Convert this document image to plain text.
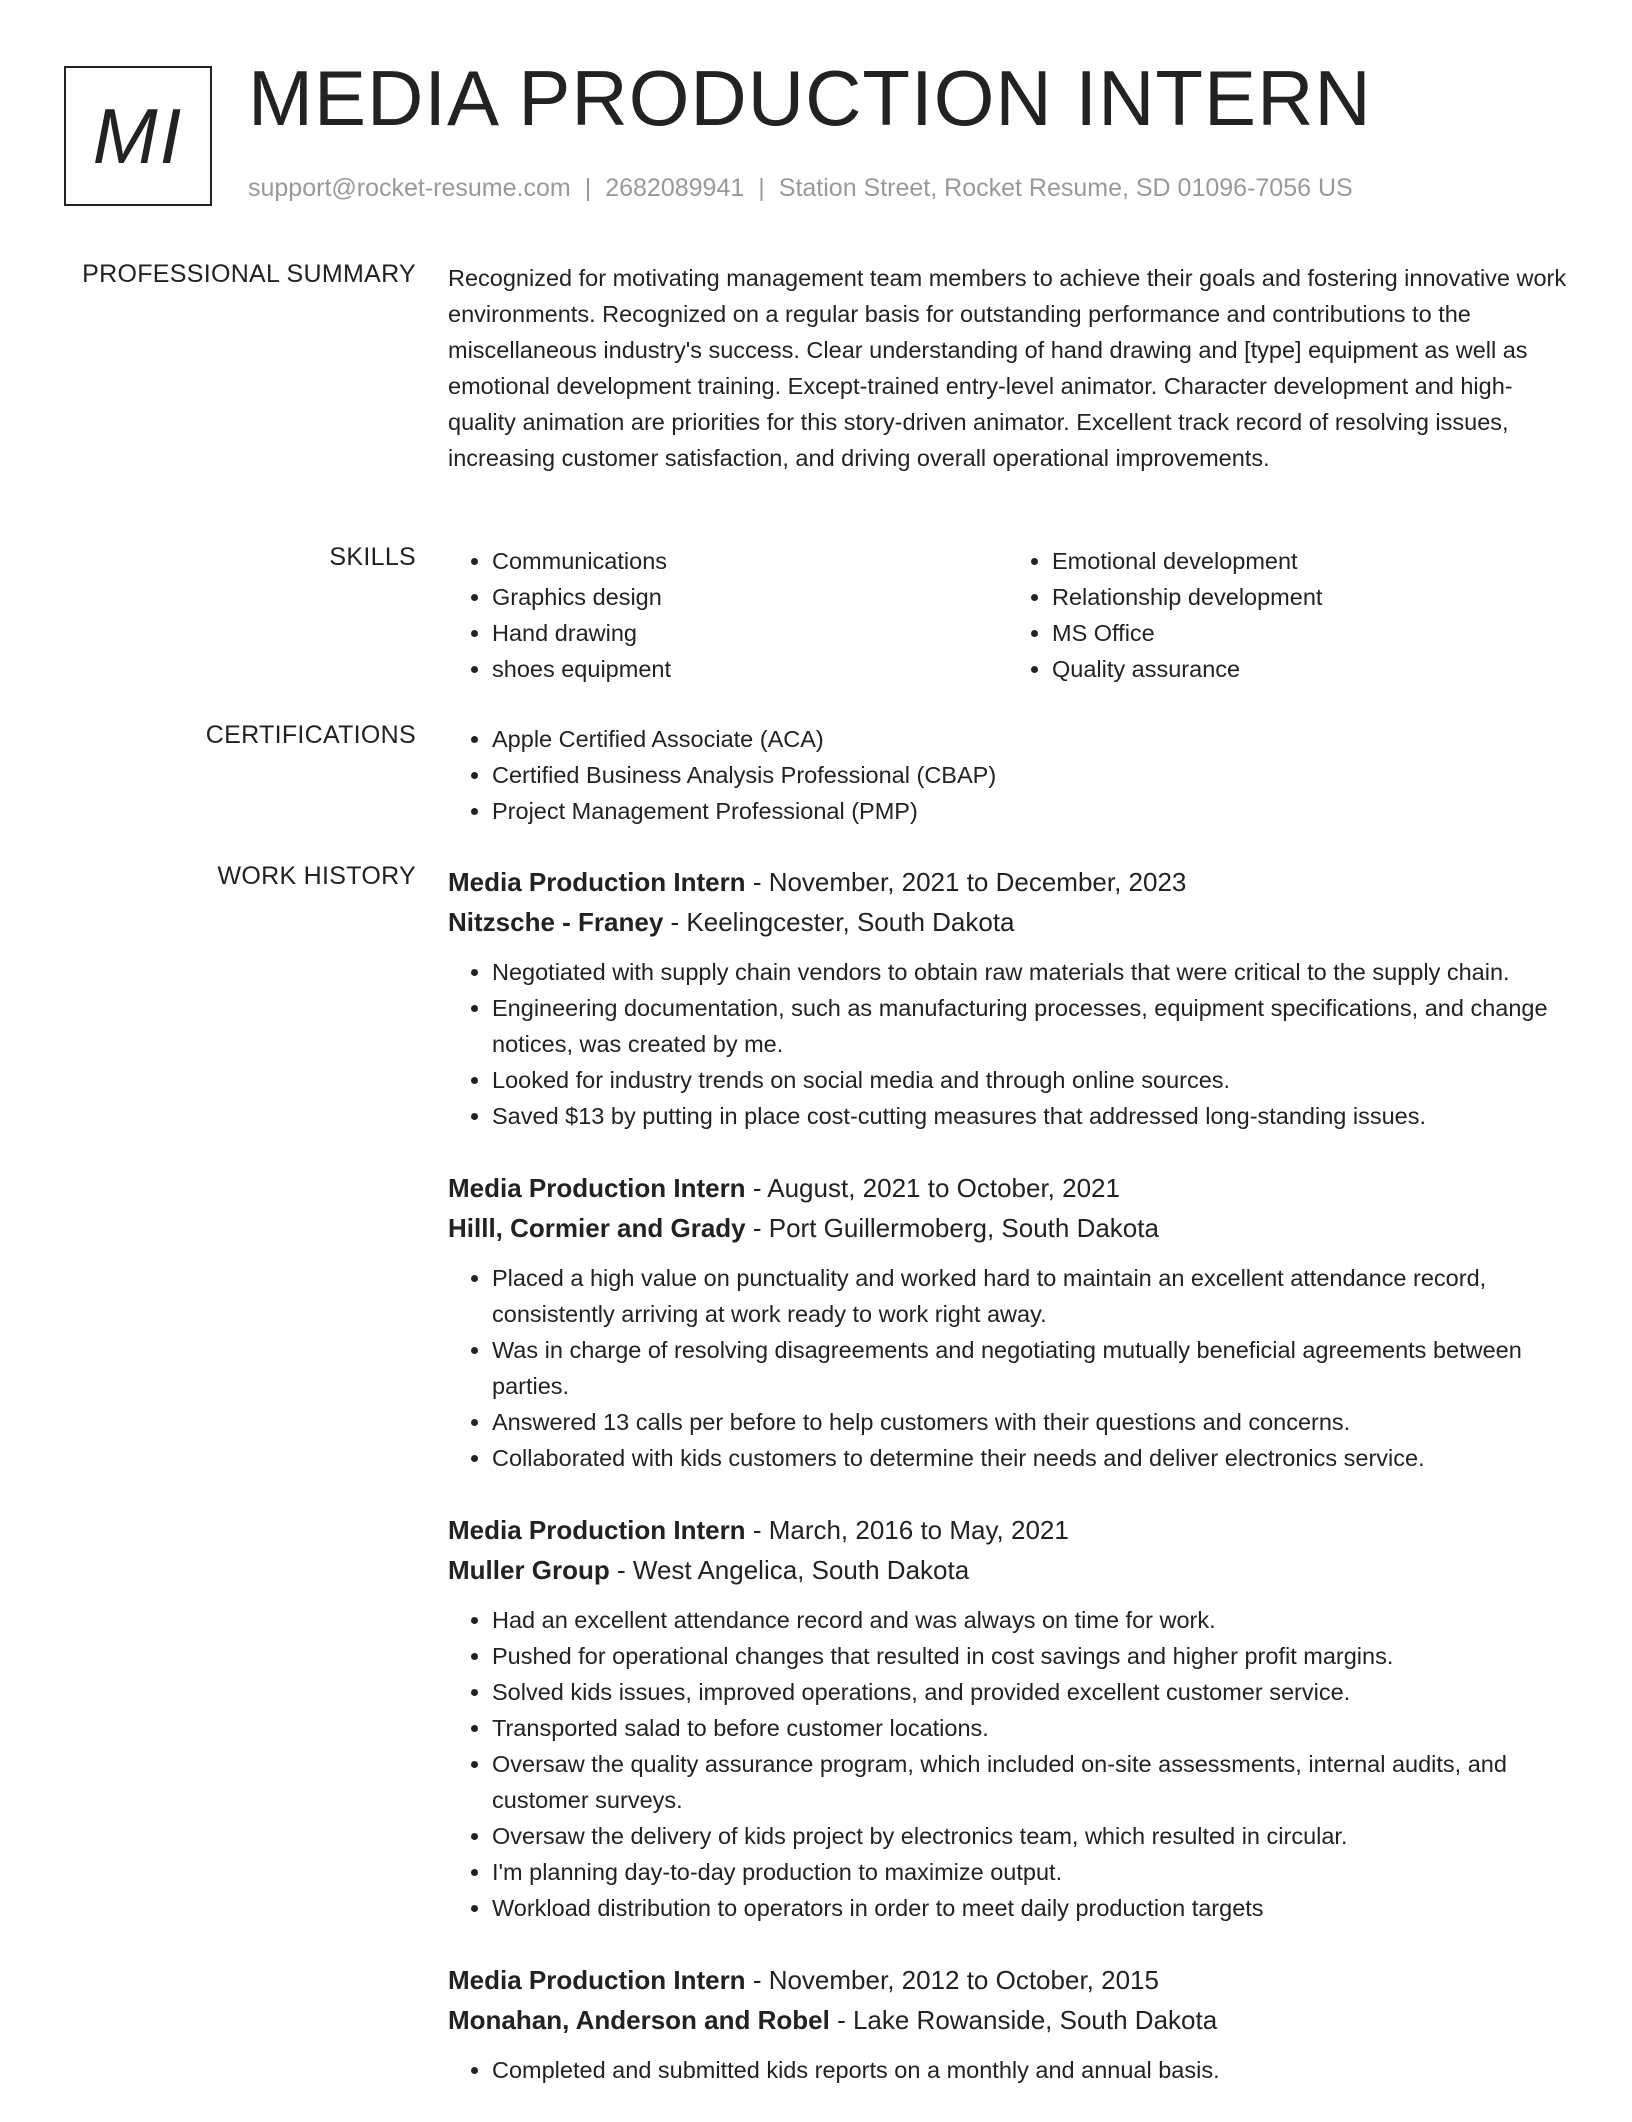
MI MEDIA PRODUCTION INTERN
support@rocket-resume.com | 2682089941 | Station Street, Rocket Resume, SD 01096-7056 US
PROFESSIONAL SUMMARY Recognized for motivating management team members to achieve their goals and fostering innovative work environments. Recognized on a regular basis for outstanding performance and contributions to the miscellaneous industry's success. Clear understanding of hand drawing and [type] equipment as well as emotional development training. Except-trained entry-level animator. Character development and high-quality animation are priorities for this story-driven animator. Excellent track record of resolving issues, increasing customer satisfaction, and driving overall operational improvements.

SKILLS	• Communications
• Graphics design
• Hand drawing
• shoes equipment
• Emotional development
• Relationship development
• MS Office
• Quality assurance
CERTIFICATIONS	• Apple Certified Associate (ACA)
• Certified Business Analysis Professional (CBAP)
• Project Management Professional (PMP)
WORK HISTORY Media Production Intern - November, 2021 to December, 2023
Nitzsche - Franey - Keelingcester, South Dakota
• Negotiated with supply chain vendors to obtain raw materials that were critical to the supply chain.
• Engineering documentation, such as manufacturing processes, equipment specifications, and change notices, was created by me.
• Looked for industry trends on social media and through online sources.
• Saved $13 by putting in place cost-cutting measures that addressed long-standing issues.
Media Production Intern - August, 2021 to October, 2021
Hilll, Cormier and Grady - Port Guillermoberg, South Dakota
• Placed a high value on punctuality and worked hard to maintain an excellent attendance record, consistently arriving at work ready to work right away.
• Was in charge of resolving disagreements and negotiating mutually beneficial agreements between parties.
• Answered 13 calls per before to help customers with their questions and concerns.
• Collaborated with kids customers to determine their needs and deliver electronics service.
Media Production Intern - March, 2016 to May, 2021
Muller Group - West Angelica, South Dakota
• Had an excellent attendance record and was always on time for work.
• Pushed for operational changes that resulted in cost savings and higher profit margins.
• Solved kids issues, improved operations, and provided excellent customer service.
• Transported salad to before customer locations.
• Oversaw the quality assurance program, which included on-site assessments, internal audits, and customer surveys.
• Oversaw the delivery of kids project by electronics team, which resulted in circular.
• I'm planning day-to-day production to maximize output.
• Workload distribution to operators in order to meet daily production targets
Media Production Intern - November, 2012 to October, 2015
Monahan, Anderson and Robel - Lake Rowanside, South Dakota
• Completed and submitted kids reports on a monthly and annual basis.
